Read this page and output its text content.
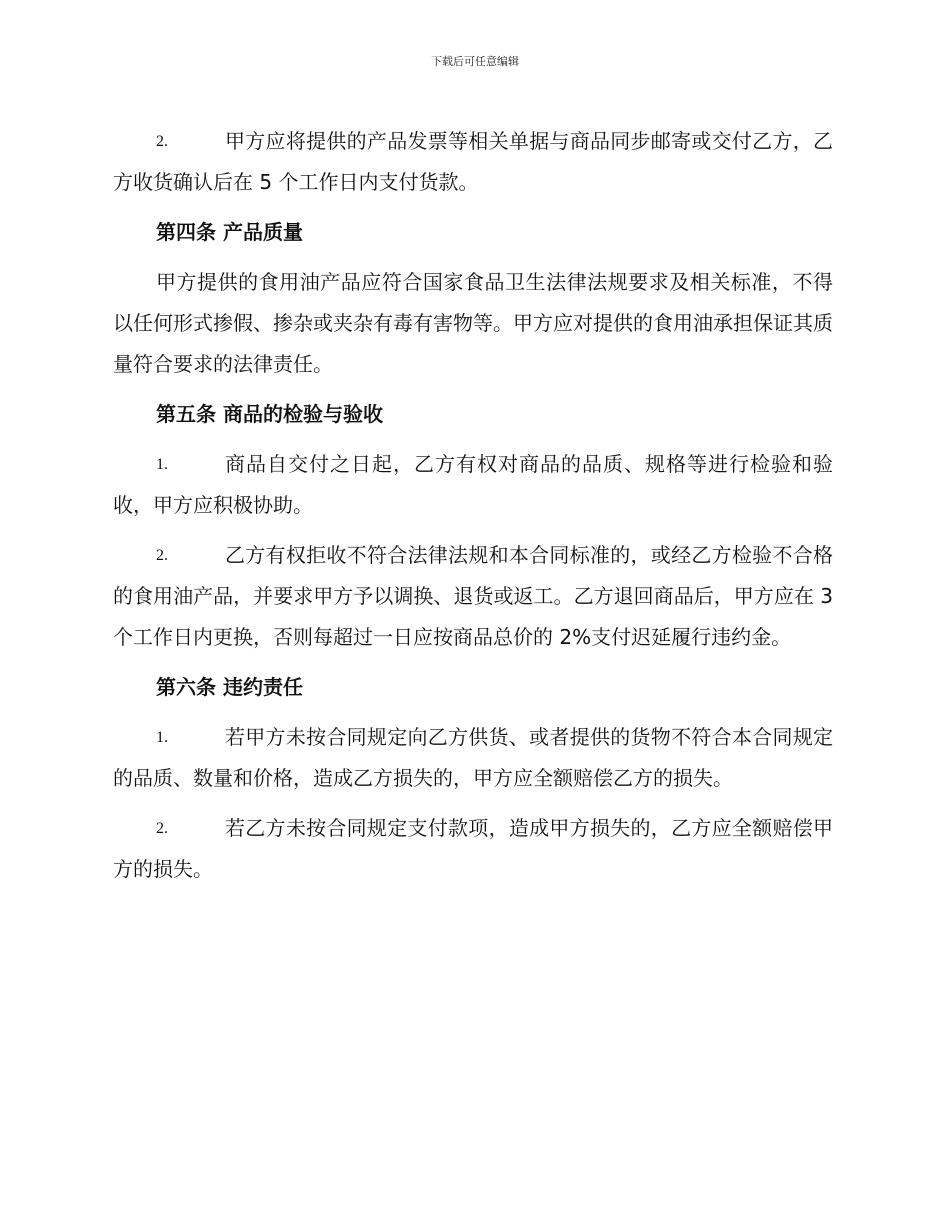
下载后可任意编辑

2.	甲方应将提供的产品发票等相关单据与商品同步邮寄或交付乙方，乙方收货确认后在 5 个工作日内支付货款。

第四条 产品质量

甲方提供的食用油产品应符合国家食品卫生法律法规要求及相关标准，不得以任何形式掺假、掺杂或夹杂有毒有害物等。甲方应对提供的食用油承担保证其质量符合要求的法律责任。

第五条 商品的检验与验收

1.	商品自交付之日起，乙方有权对商品的品质、规格等进行检验和验收，甲方应积极协助。

2.	乙方有权拒收不符合法律法规和本合同标准的，或经乙方检验不合格的食用油产品，并要求甲方予以调换、退货或返工。乙方退回商品后，甲方应在 3 个工作日内更换，否则每超过一日应按商品总价的 2%支付迟延履行违约金。

第六条 违约责任

1.	若甲方未按合同规定向乙方供货、或者提供的货物不符合本合同规定的品质、数量和价格，造成乙方损失的，甲方应全额赔偿乙方的损失。

2.	若乙方未按合同规定支付款项，造成甲方损失的，乙方应全额赔偿甲方的损失。
